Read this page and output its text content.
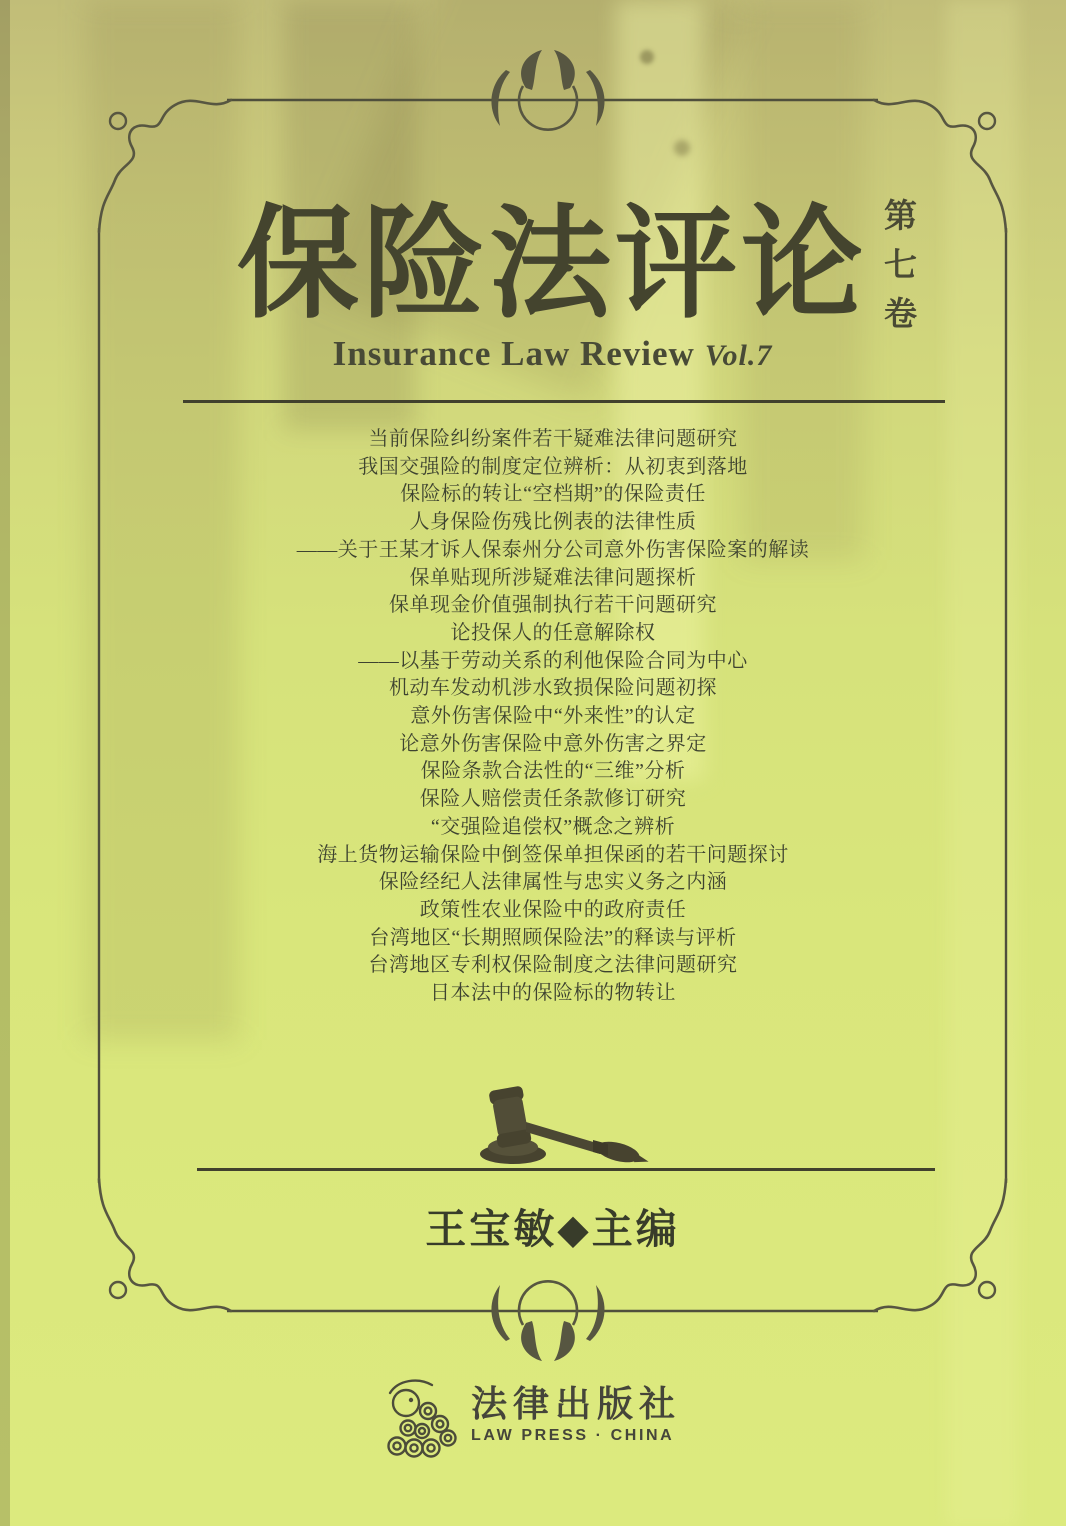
保险法评论 第七卷
Insurance Law Review Vol.7
当前保险纠纷案件若干疑难法律问题研究
我国交强险的制度定位辨析：从初衷到落地
保险标的转让“空档期”的保险责任
人身保险伤残比例表的法律性质
——关于王某才诉人保泰州分公司意外伤害保险案的解读
保单贴现所涉疑难法律问题探析
保单现金价值强制执行若干问题研究
论投保人的任意解除权
——以基于劳动关系的利他保险合同为中心
机动车发动机涉水致损保险问题初探
意外伤害保险中“外来性”的认定
论意外伤害保险中意外伤害之界定
保险条款合法性的“三维”分析
保险人赔偿责任条款修订研究
“交强险追偿权”概念之辨析
海上货物运输保险中倒签保单担保函的若干问题探讨
保险经纪人法律属性与忠实义务之内涵
政策性农业保险中的政府责任
台湾地区“长期照顾保险法”的释读与评析
台湾地区专利权保险制度之法律问题研究
日本法中的保险标的物转让
王宝敏◆主编
法律出版社
LAW PRESS · CHINA
